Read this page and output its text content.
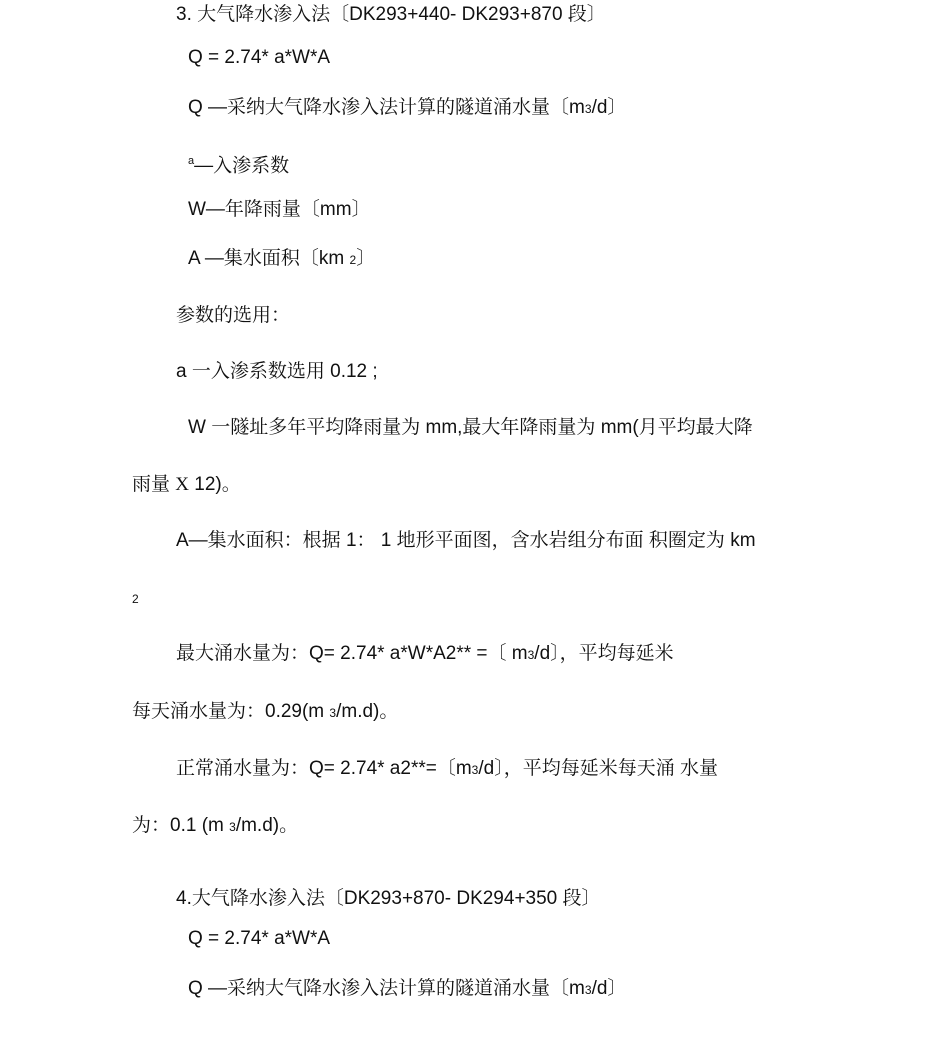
3. 大气降水渗入法〔DK293+440- DK293+870 段〕
Q = 2.74* a*W*A
Q —采纳大气降水渗入法计算的隧道涌水量〔m3/d〕
$^a$—入渗系数
W—年降雨量〔mm〕
A —集水面积〔km 2〕
参数的选用：
a 一入渗系数选用 0.12 ;
W 一隧址多年平均降雨量为 mm,最大年降雨量为 mm(月平均最大降
雨量 X 12)。
A—集水面积：根据 1： 1 地形平面图，含水岩组分布面 积圈定为 km
2
最大涌水量为：Q= 2.74* a*W*A2** =〔 m3/d〕，平均每延米
每天涌水量为：0.29(m 3/m.d)。
正常涌水量为：Q= 2.74* a2**=〔m3/d〕，平均每延米每天涌 水量
为：0.1 (m 3/m.d)。
4.大气降水渗入法〔DK293+870- DK294+350 段〕
Q = 2.74* a*W*A
Q —采纳大气降水渗入法计算的隧道涌水量〔m3/d〕
